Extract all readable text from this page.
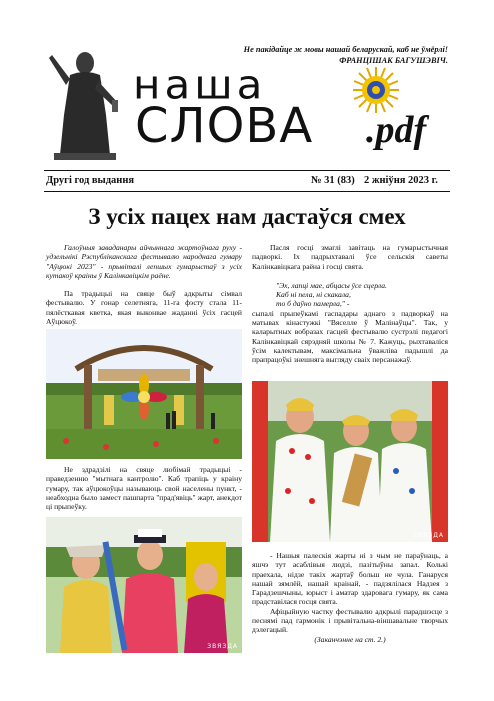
Не пакідайце ж мовы нашай беларускай, каб не ўмёрлі!
ФРАНЦІШАК БАГУШЭВІЧ.
наша
СЛОВА .pdf
Другі год выдання	№ 31 (83) 2 жніўня 2023 г.
З усіх пацех нам дастаўся смех

Галоўныя заваданары айчыннага жартоўнага руху - удзельнікі Рэспубліканскага фестывалю народнага гумару "Аўцюкі 2023" - прывіталі лепшых гумарыстаў з усіх кутакоў краіны ў Калінкавіцкім раёне.

Па традыцыі на свяце быў адкрыты сімвал фестывалю. У гонар селетняга, 11-га фэсту стала 11-пялёсткавая кветка, якая выконвае жаданні ўсіх гасцей Аўцюкоў.

Не здрадзілі на свяце любімай традыцыі - праведзенню "мытнага кантролю". Каб трапіць у краіну гумару, так аўцюкоўцы называюць свой населены пункт, - неабходна было замест пашпарта "прад'явіць" жарт, анекдот ці прыпеўку.

ЗВЯЗДА

Пасля госці змаглі завітаць на гумарыстычная падворкі. Іх падрыхтавалі ўсе сельскія саветы Калінкавіцкага раёна і госці свята.

"Эх, лапці мае, абцасы ўсе сцерла.

Каб ні пела, ні скакала,

то б даўно памерла," -

сыпалі прыпеўкамі гаспадары аднаго з падворкаў на матывах кінастужкі "Вяселле ў Малінаўцы". Так, у каларытных вобразах гасцей фестывалю сустрэлі педагогі Калінкавіцкай сярэдняй школы № 7. Кажуць, рыхтаваліся ўсім калектывам, максімальна ўважліва падышлі да прапрацоўкі знешняга выгляду сваіх персанажаў.

ЗВЯЗДА

- Нашыя палескія жарты ні з чым не параўнаць, а яшчэ тут асаблівыя людзі, пазітыўны запал. Колькі праехала, нідзе такіх жартаў больш не чула. Ганаруся нашай зямлёй, нашай краінай, - падзялілася Надзея з Гарадзешчыны, юрыст і аматар здаровага гумару, як сама прадставілася госця свята.

Афіцыйную частку фестывалю адкрылі парадшэсце з песнямі пад гармонік і прывітальна-віншавальне творчых дэлегацый.

(Заканчэнне на ст. 2.)
